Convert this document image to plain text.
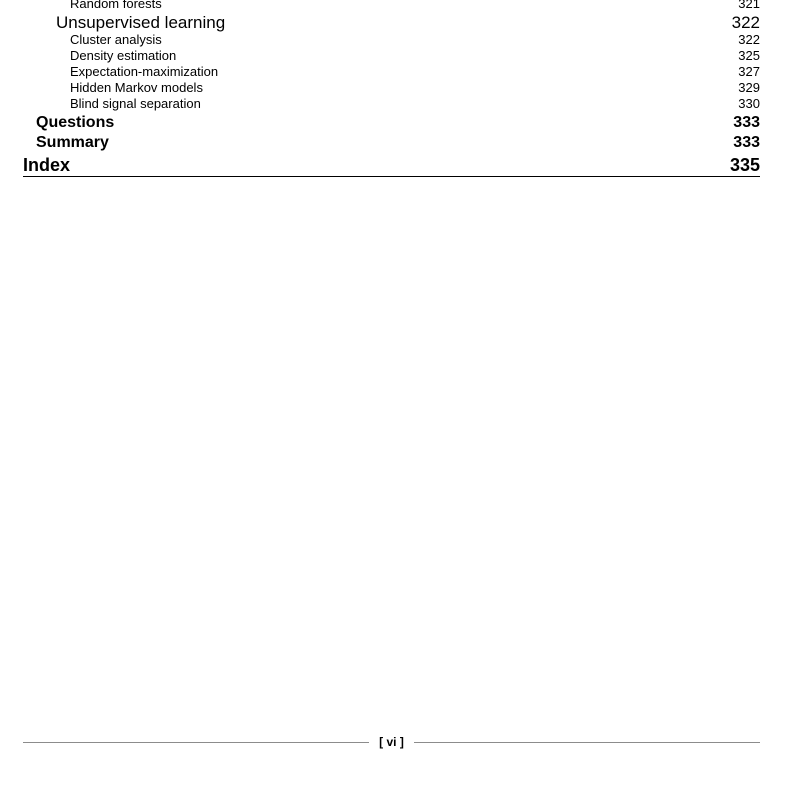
Random forests	321
Unsupervised learning	322
Cluster analysis	322
Density estimation	325
Expectation-maximization	327
Hidden Markov models	329
Blind signal separation	330
Questions	333
Summary	333
Index	335
[ vi ]
